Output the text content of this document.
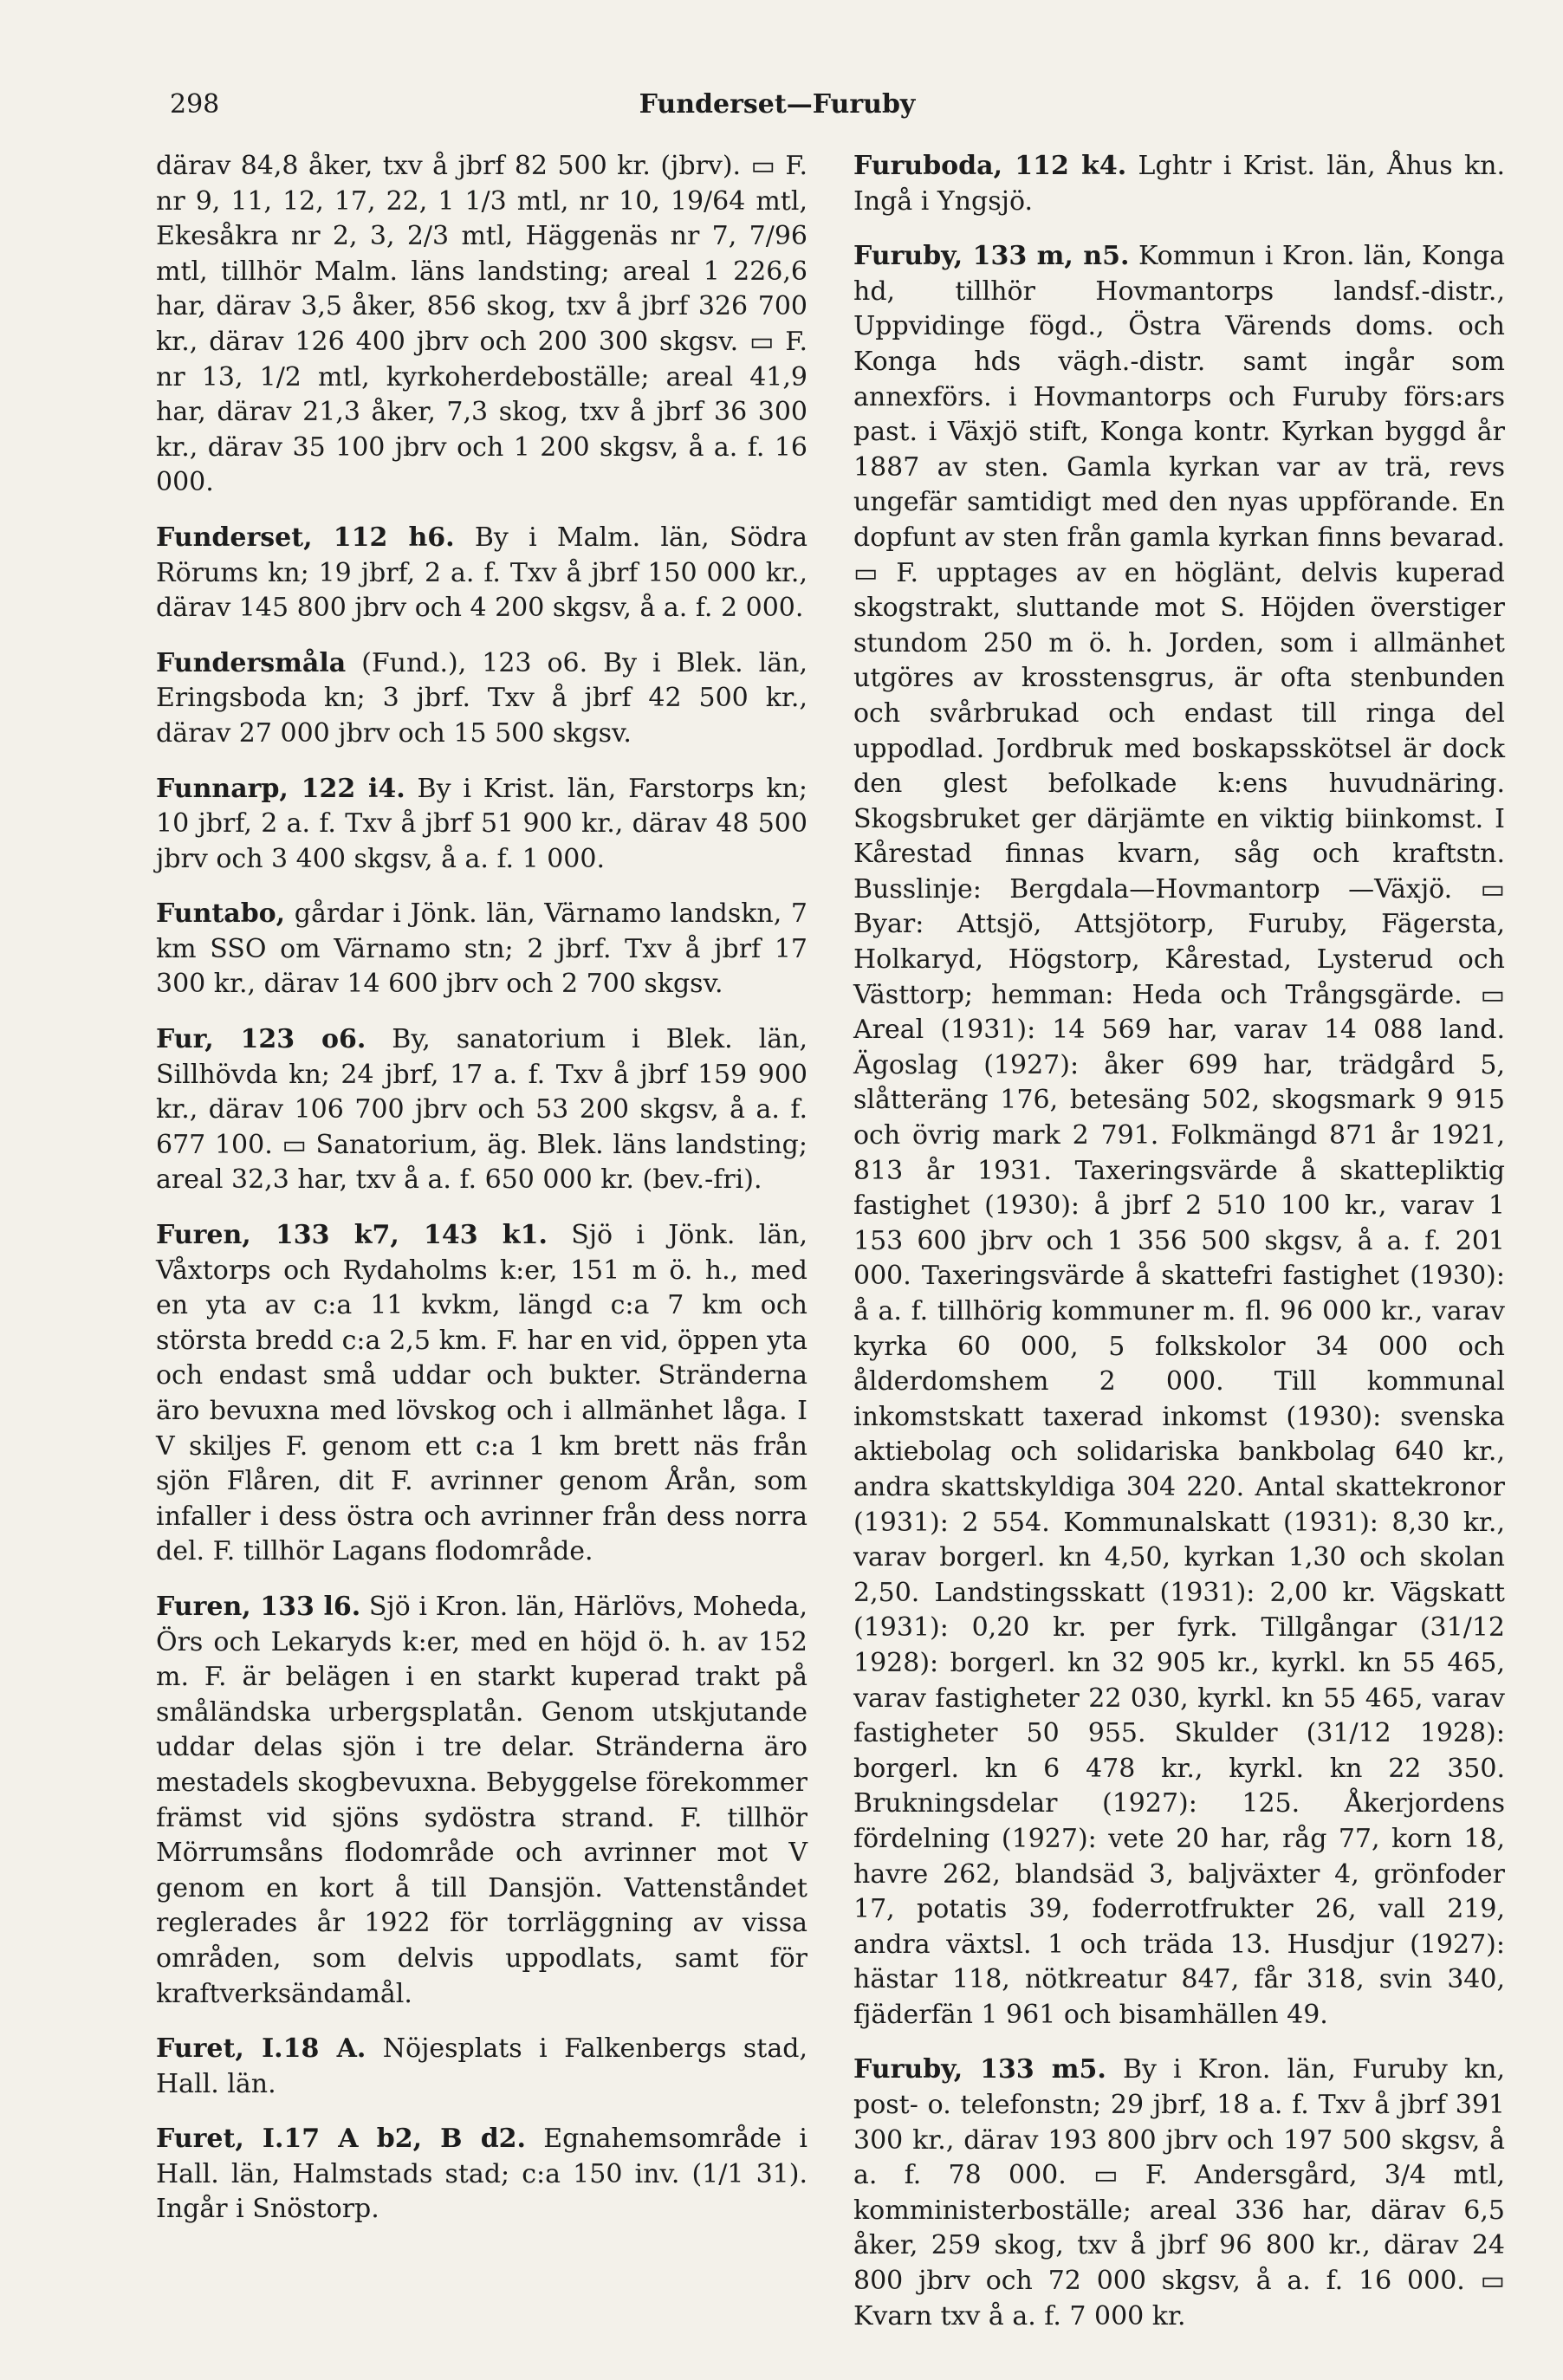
298	Funderset—Furuby

därav 84,8 åker, txv å jbrf 82 500 kr. (jbrv). ▭ F. nr 9, 11, 12, 17, 22, 1 1/3 mtl, nr 10, 19/64 mtl, Ekesåkra nr 2, 3, 2/3 mtl, Häggenäs nr 7, 7/96 mtl, tillhör Malm. läns landsting; areal 1 226,6 har, därav 3,5 åker, 856 skog, txv å jbrf 326 700 kr., därav 126 400 jbrv och 200 300 skgsv. ▭ F. nr 13, 1/2 mtl, kyrkoherdeboställe; areal 41,9 har, därav 21,3 åker, 7,3 skog, txv å jbrf 36 300 kr., därav 35 100 jbrv och 1 200 skgsv, å a. f. 16 000.

Funderset, 112 h6. By i Malm. län, Södra Rörums kn; 19 jbrf, 2 a. f. Txv å jbrf 150 000 kr., därav 145 800 jbrv och 4 200 skgsv, å a. f. 2 000.

Fundersmåla (Fund.), 123 o6. By i Blek. län, Eringsboda kn; 3 jbrf. Txv å jbrf 42 500 kr., därav 27 000 jbrv och 15 500 skgsv.

Funnarp, 122 i4. By i Krist. län, Farstorps kn; 10 jbrf, 2 a. f. Txv å jbrf 51 900 kr., därav 48 500 jbrv och 3 400 skgsv, å a. f. 1 000.

Funtabo, gårdar i Jönk. län, Värnamo landskn, 7 km SSO om Värnamo stn; 2 jbrf. Txv å jbrf 17 300 kr., därav 14 600 jbrv och 2 700 skgsv.

Fur, 123 o6. By, sanatorium i Blek. län, Sillhövda kn; 24 jbrf, 17 a. f. Txv å jbrf 159 900 kr., därav 106 700 jbrv och 53 200 skgsv, å a. f. 677 100. ▭ Sanatorium, äg. Blek. läns landsting; areal 32,3 har, txv å a. f. 650 000 kr. (bev.-fri).

Furen, 133 k7, 143 k1. Sjö i Jönk. län, Våxtorps och Rydaholms k:er, 151 m ö. h., med en yta av c:a 11 kvkm, längd c:a 7 km och största bredd c:a 2,5 km. F. har en vid, öppen yta och endast små uddar och bukter. Stränderna äro bevuxna med lövskog och i allmänhet låga. I V skiljes F. genom ett c:a 1 km brett näs från sjön Flåren, dit F. avrinner genom Årån, som infaller i dess östra och avrinner från dess norra del. F. tillhör Lagans flodområde.

Furen, 133 l6. Sjö i Kron. län, Härlövs, Moheda, Örs och Lekaryds k:er, med en höjd ö. h. av 152 m. F. är belägen i en starkt kuperad trakt på småländska urbergsplatån. Genom utskjutande uddar delas sjön i tre delar. Stränderna äro mestadels skogbevuxna. Bebyggelse förekommer främst vid sjöns sydöstra strand. F. tillhör Mörrumsåns flodområde och avrinner mot V genom en kort å till Dansjön. Vattenståndet reglerades år 1922 för torrläggning av vissa områden, som delvis uppodlats, samt för kraftverksändamål.

Furet, I.18 A. Nöjesplats i Falkenbergs stad, Hall. län.

Furet, I.17 A b2, B d2. Egnahemsområde i Hall. län, Halmstads stad; c:a 150 inv. (1/1 31). Ingår i Snöstorp.

Furuboda, 112 k4. Lghtr i Krist. län, Åhus kn. Ingå i Yngsjö.

Furuby, 133 m, n5. Kommun i Kron. län, Konga hd, tillhör Hovmantorps landsf.-distr., Uppvidinge fögd., Östra Värends doms. och Konga hds vägh.-distr. samt ingår som annexförs. i Hovmantorps och Furuby förs:ars past. i Växjö stift, Konga kontr. Kyrkan byggd år 1887 av sten. Gamla kyrkan var av trä, revs ungefär samtidigt med den nyas uppförande. En dopfunt av sten från gamla kyrkan finns bevarad. ▭ F. upptages av en höglänt, delvis kuperad skogstrakt, sluttande mot S. Höjden överstiger stundom 250 m ö. h. Jorden, som i allmänhet utgöres av krosstensgrus, är ofta stenbunden och svårbrukad och endast till ringa del uppodlad. Jordbruk med boskapsskötsel är dock den glest befolkade k:ens huvudnäring. Skogsbruket ger därjämte en viktig biinkomst. I Kårestad finnas kvarn, såg och kraftstn. Busslinje: Bergdala—Hovmantorp —Växjö. ▭ Byar: Attsjö, Attsjötorp, Furuby, Fägersta, Holkaryd, Högstorp, Kårestad, Lysterud och Västtorp; hemman: Heda och Trångsgärde. ▭ Areal (1931): 14 569 har, varav 14 088 land. Ägoslag (1927): åker 699 har, trädgård 5, slåtteräng 176, betesäng 502, skogsmark 9 915 och övrig mark 2 791. Folkmängd 871 år 1921, 813 år 1931. Taxeringsvärde å skattepliktig fastighet (1930): å jbrf 2 510 100 kr., varav 1 153 600 jbrv och 1 356 500 skgsv, å a. f. 201 000. Taxeringsvärde å skattefri fastighet (1930): å a. f. tillhörig kommuner m. fl. 96 000 kr., varav kyrka 60 000, 5 folkskolor 34 000 och ålderdomshem 2 000. Till kommunal inkomstskatt taxerad inkomst (1930): svenska aktiebolag och solidariska bankbolag 640 kr., andra skattskyldiga 304 220. Antal skattekronor (1931): 2 554. Kommunalskatt (1931): 8,30 kr., varav borgerl. kn 4,50, kyrkan 1,30 och skolan 2,50. Landstingsskatt (1931): 2,00 kr. Vägskatt (1931): 0,20 kr. per fyrk. Tillgångar (31/12 1928): borgerl. kn 32 905 kr., kyrkl. kn 55 465, varav fastigheter 22 030, kyrkl. kn 55 465, varav fastigheter 50 955. Skulder (31/12 1928): borgerl. kn 6 478 kr., kyrkl. kn 22 350. Brukningsdelar (1927): 125. Åkerjordens fördelning (1927): vete 20 har, råg 77, korn 18, havre 262, blandsäd 3, baljväxter 4, grönfoder 17, potatis 39, foderrotfrukter 26, vall 219, andra växtsl. 1 och träda 13. Husdjur (1927): hästar 118, nötkreatur 847, får 318, svin 340, fjäderfän 1 961 och bisamhällen 49.

Furuby, 133 m5. By i Kron. län, Furuby kn, post- o. telefonstn; 29 jbrf, 18 a. f. Txv å jbrf 391 300 kr., därav 193 800 jbrv och 197 500 skgsv, å a. f. 78 000. ▭ F. Andersgård, 3/4 mtl, komministerboställe; areal 336 har, därav 6,5 åker, 259 skog, txv å jbrf 96 800 kr., därav 24 800 jbrv och 72 000 skgsv, å a. f. 16 000. ▭ Kvarn txv å a. f. 7 000 kr.
